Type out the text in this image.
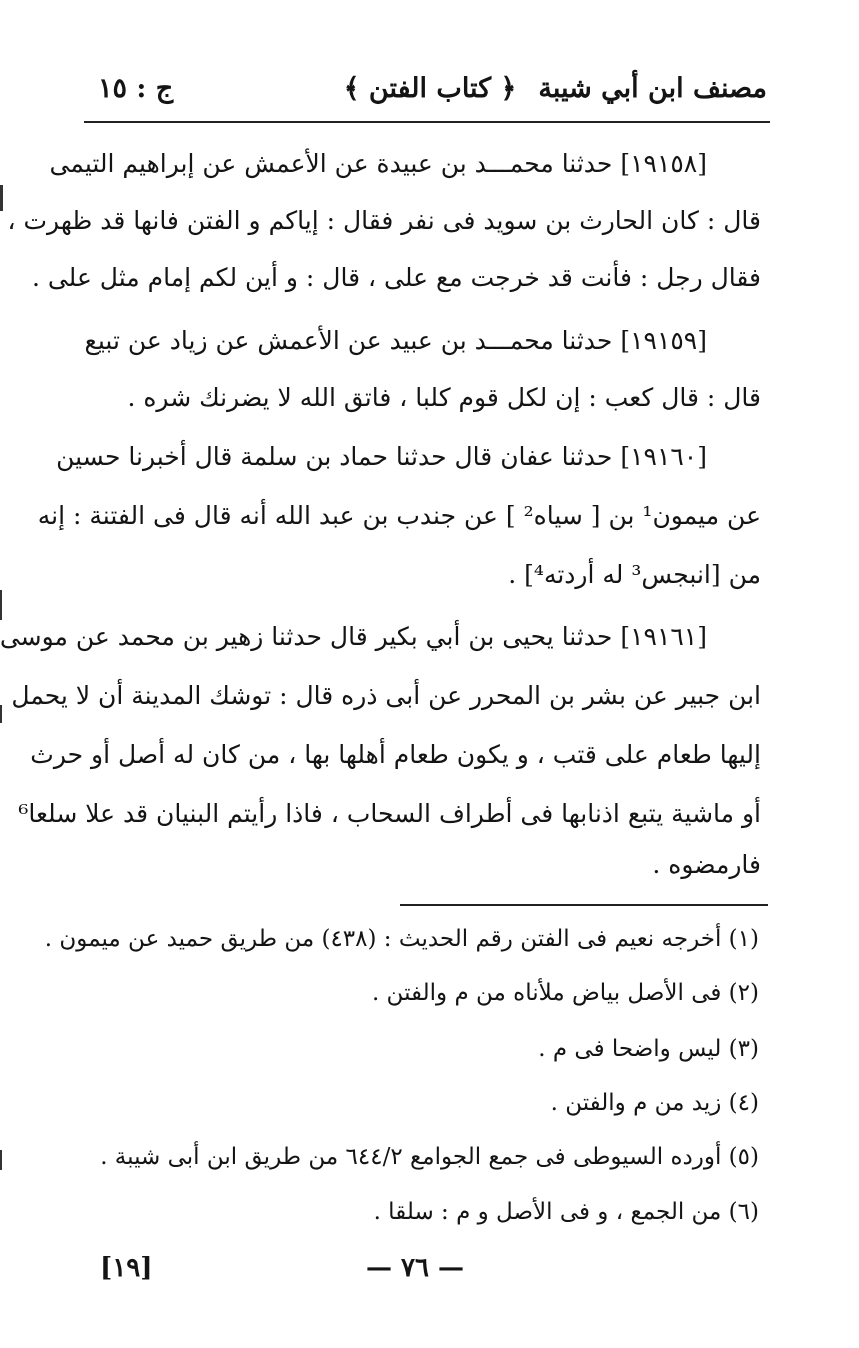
مصنف ابن أبي شيبة
﴿ كتاب الفتن ﴾
ج : ١٥
[١٩١٥٨] حدثنا محمـــد بن عبيدة عن الأعمش عن إبراهيم التيمى
قال : كان الحارث بن سويد فى نفر فقال : إياكم و الفتن فانها قد ظهرت ،
فقال رجل : فأنت قد خرجت مع على ، قال : و أين لكم إمام مثل على .
[١٩١٥٩] حدثنا محمـــد بن عبيد عن الأعمش عن زياد عن تبيع
قال : قال كعب : إن لكل قوم كلبا ، فاتق الله لا يضرنك شره .
[١٩١٦٠] حدثنا عفان قال حدثنا حماد بن سلمة قال أخبرنا حسين
عن ميمون¹ بن [ سياه² ] عن جندب بن عبد الله أنه قال فى الفتنة : إنه
من [انبجس³ له أردته⁴] .
[١٩١٦١] حدثنا يحيى بن أبي بكير قال حدثنا زهير بن محمد عن موسى
ابن جبير عن بشر بن المحرر عن أبى ذره قال : توشك المدينة أن لا يحمل
إليها طعام على قتب ، و يكون طعام أهلها بها ، من كان له أصل أو حرث
أو ماشية يتبع اذنابها فى أطراف السحاب ، فاذا رأيتم البنيان قد علا سلعا⁶
فارمضوه .
(١) أخرجه نعيم فى الفتن رقم الحديث : (٤٣٨) من طريق حميد عن ميمون .
(٢) فى الأصل بياض ملأناه من م والفتن .
(٣) ليس واضحا فى م .
(٤) زيد من م والفتن .
(٥) أورده السيوطى فى جمع الجوامع ٦٤٤/٢ من طريق ابن أبى شيبة .
(٦) من الجمع ، و فى الأصل و م : سلقا .
— ٧٦ —
[١٩]
